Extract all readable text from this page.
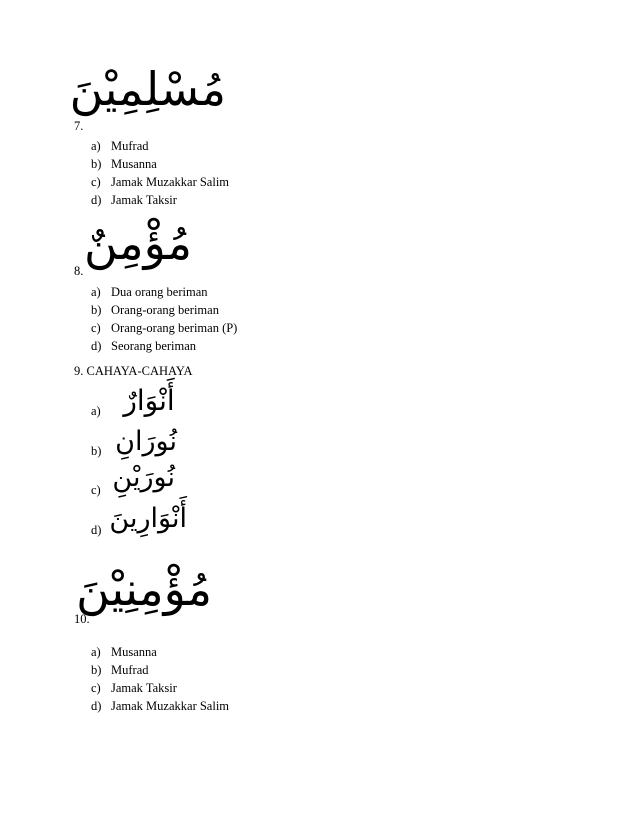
مُسْلِمِيْنَ
7.
a) Mufrad
b) Musanna
c) Jamak Muzakkar Salim
d) Jamak Taksir
مُؤْمِنٌ
8.
a) Dua orang beriman
b) Orang-orang beriman
c) Orang-orang beriman (P)
d) Seorang beriman
9. CAHAYA-CAHAYA
a) أَنْوَارٌ
b) نُورَانِ
c) نُورَيْنِ
d) أَنْوَارِينَ
مُؤْمِنِيْنَ
10.
a) Musanna
b) Mufrad
c) Jamak Taksir
d) Jamak Muzakkar Salim
